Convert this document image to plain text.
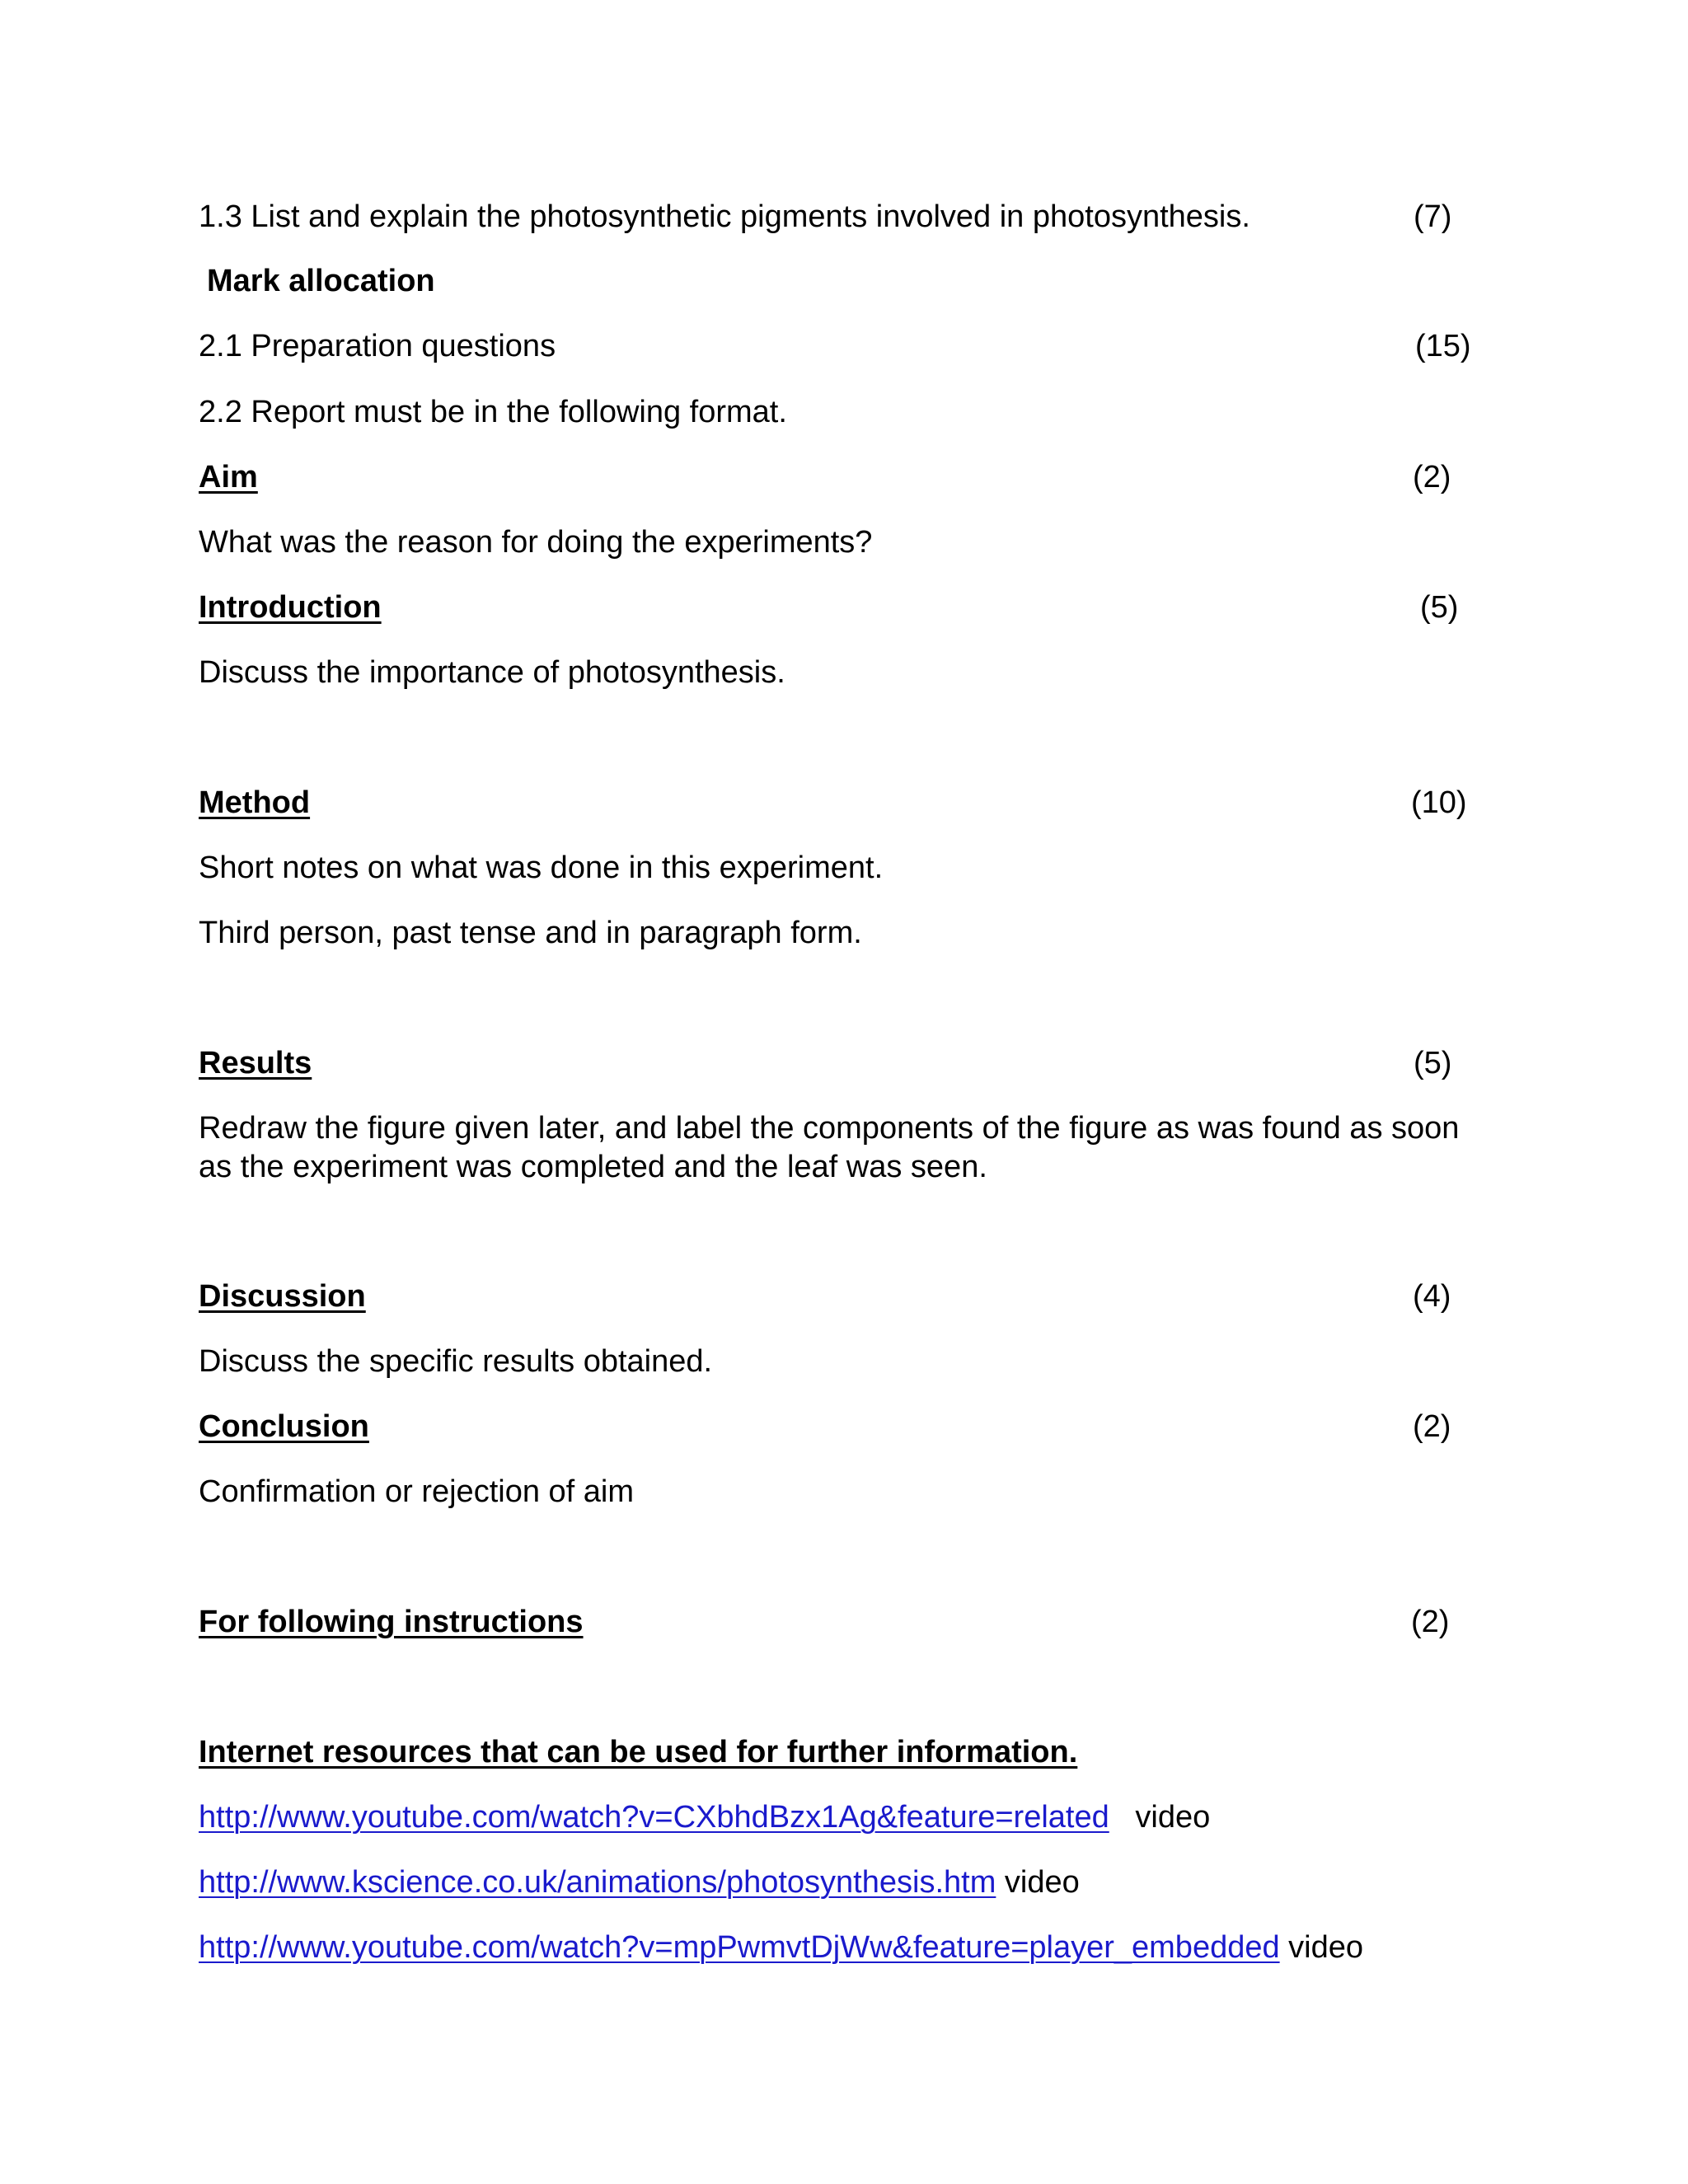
1.3 List and explain the photosynthetic pigments involved in photosynthesis.	(7)
Mark allocation
2.1 Preparation questions	(15)
2.2 Report must be in the following format.
Aim	(2)
What was the reason for doing the experiments?
Introduction	(5)
Discuss the importance of photosynthesis.
Method	(10)
Short notes on what was done in this experiment.
Third person, past tense and in paragraph form.
Results	(5)
Redraw the figure given later, and label the components of the figure as was found as soon as the experiment was completed and the leaf was seen.
Discussion	(4)
Discuss the specific results obtained.
Conclusion	(2)
Confirmation or rejection of aim
For following instructions	(2)
Internet resources that can be used for further information.
http://www.youtube.com/watch?v=CXbhdBzx1Ag&feature=related   video
http://www.kscience.co.uk/animations/photosynthesis.htm video
http://www.youtube.com/watch?v=mpPwmvtDjWw&feature=player_embedded video
